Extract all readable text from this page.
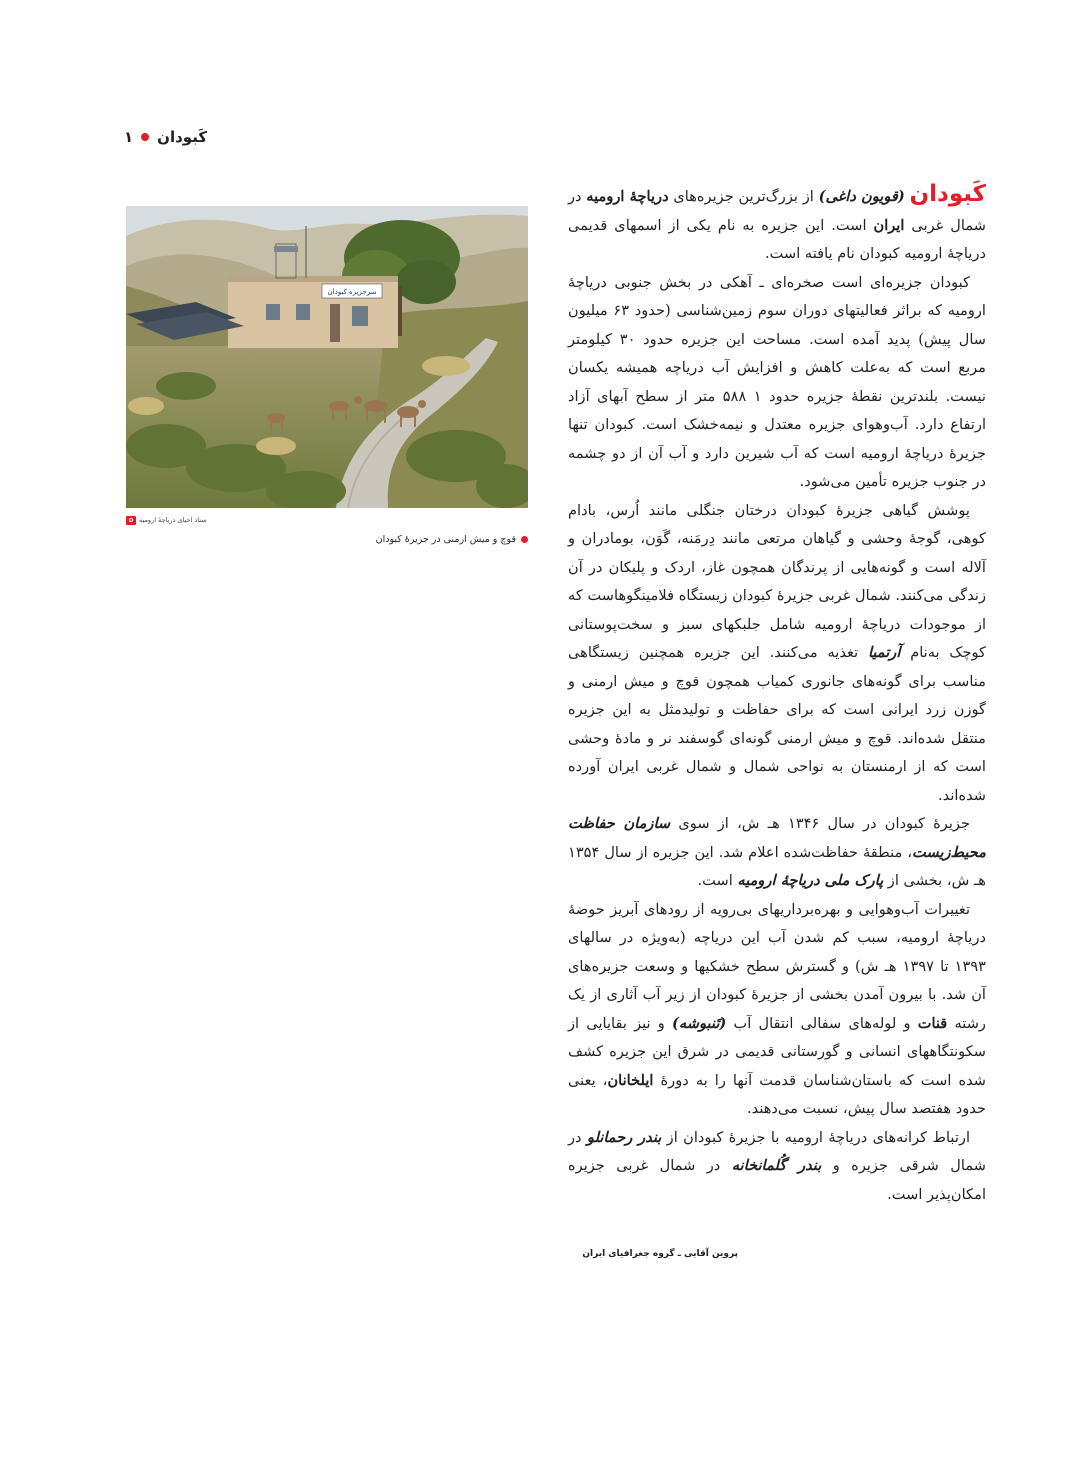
۱ کَبودان
سرجزیره کبودان
ستاد احیای دریاچهٔ ارومیه
قوچ و میش ارمنی در جزیرهٔ کبودان

کَبودان (قویون داغی) از بزرگ‌ترین جزیره‌های دریاچهٔ ارومیه در شمال غربی ایران است. این جزیره به نام یکی از اسمهای قدیمی دریاچهٔ ارومیه کبودان نام یافته است.

کبودان جزیره‌ای است صخره‌ای ـ آهکی در بخش جنوبی دریاچهٔ ارومیه که براثر فعالیتهای دوران سوم زمین‌شناسی (حدود ۶۳ میلیون سال پیش) پدید آمده است. مساحت این جزیره حدود ۳۰ کیلومتر مربع است که به‌علت کاهش و افزایش آب دریاچه همیشه یکسان نیست. بلندترین نقطهٔ جزیره حدود ۱ ۵۸۸ متر از سطح آبهای آزاد ارتفاع دارد. آب‌وهوای جزیره معتدل و نیمه‌خشک است. کبودان تنها جزیرهٔ دریاچهٔ ارومیه است که آب شیرین دارد و آب آن از دو چشمه در جنوب جزیره تأمین می‌شود.

پوشش گیاهی جزیرهٔ کبودان درختان جنگلی مانند اُرس، بادام کوهی، گوجهٔ وحشی و گیاهان مرتعی مانند دِرمَنه، گَوَن، بومادران و آلاله است و گونه‌هایی از پرندگان همچون غاز، اردک و پلیکان در آن زندگی می‌کنند. شمال غربی جزیرهٔ کبودان زیستگاه فلامینگوهاست که از موجودات دریاچهٔ ارومیه شامل جلبکهای سبز و سخت‌پوستانی کوچک به‌نام آرتمیا تغذیه می‌کنند. این جزیره همچنین زیستگاهی مناسب برای گونه‌های جانوری کمیاب همچون قوچ و میش ارمنی و گوزن زرد ایرانی است که برای حفاظت و تولیدمثل به این جزیره منتقل شده‌اند. قوچ و میش ارمنی گونه‌ای گوسفند نر و مادهٔ وحشی است که از ارمنستان به نواحی شمال و شمال غربی ایران آورده شده‌اند.

جزیرهٔ کبودان در سال ۱۳۴۶ هـ ش، از سوی سازمان حفاظت محیط‌زیست، منطقهٔ حفاظت‌شده اعلام شد. این جزیره از سال ۱۳۵۴ هـ ش، بخشی از پارک ملی دریاچهٔ ارومیه است.

تغییرات آب‌وهوایی و بهره‌برداریهای بی‌رویه از رودهای آبریز حوضهٔ دریاچهٔ ارومیه، سبب کم شدن آب این دریاچه (به‌ویژه در سالهای ۱۳۹۳ تا ۱۳۹۷ هـ ش) و گسترش سطح خشکیها و وسعت جزیره‌های آن شد. با بیرون آمدن بخشی از جزیرهٔ کبودان از زیر آب آثاری از یک رشته قنات و لوله‌های سفالی انتقال آب (تَنبوشه) و نیز بقایایی از سکونتگاههای انسانی و گورستانی قدیمی در شرق این جزیره کشف شده است که باستان‌شناسان قدمت آنها را به دورهٔ ایلخانان، یعنی حدود هفتصد سال پیش، نسبت می‌دهند.

ارتباط کرانه‌های دریاچهٔ ارومیه با جزیرهٔ کبودان از بندر رحمانلو در شمال شرقی جزیره و بندر گُلمانخانه در شمال غربی جزیره امکان‌پذیر است.

پروین آقایی ـ گروه جغرافیای ایران
